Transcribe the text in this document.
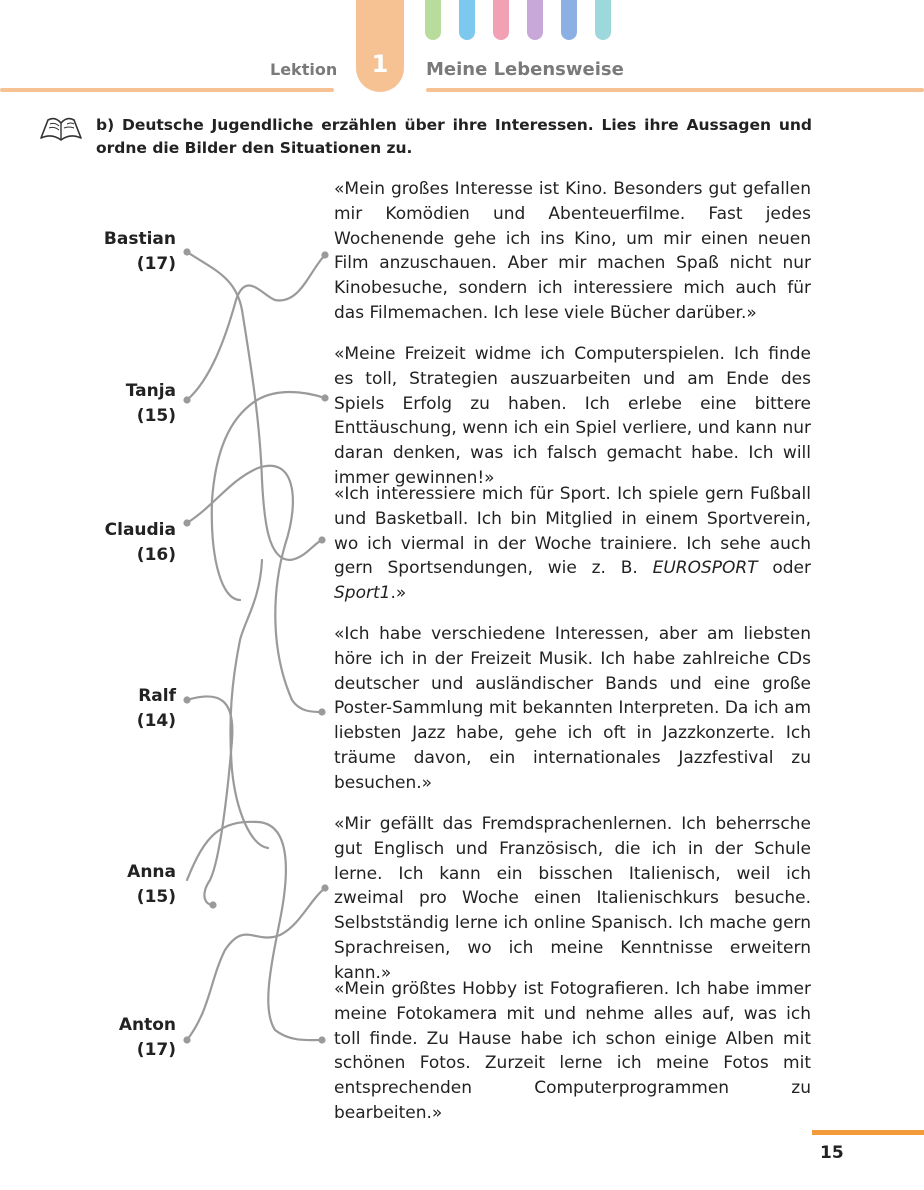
1
Lektion	Meine Lebensweise
b) Deutsche Jugendliche erzählen über ihre Interessen. Lies ihre Aussagen und ordne die Bilder den Situationen zu.
Bastian
(17)
Tanja
(15)
Claudia
(16)
Ralf
(14)
Anna
(15)
Anton
(17)
«Mein großes Interesse ist Kino. Besonders gut gefallen mir Komödien und Abenteuerfilme. Fast jedes Wochenende gehe ich ins Kino, um mir einen neuen Film anzuschauen. Aber mir machen Spaß nicht nur Kinobesuche, sondern ich interessiere mich auch für das Filmemachen. Ich lese viele Bücher darüber.»
«Meine Freizeit widme ich Computerspielen. Ich finde es toll, Strategien auszuarbeiten und am Ende des Spiels Erfolg zu haben. Ich erlebe eine bittere Enttäuschung, wenn ich ein Spiel verliere, und kann nur daran denken, was ich falsch gemacht habe. Ich will immer gewinnen!»
«Ich interessiere mich für Sport. Ich spiele gern Fußball und Basketball. Ich bin Mitglied in einem Sportverein, wo ich viermal in der Woche trainiere. Ich sehe auch gern Sportsendungen, wie z. B. EUROSPORT oder Sport1.»
«Ich habe verschiedene Interessen, aber am liebsten höre ich in der Freizeit Musik. Ich habe zahlreiche CDs deutscher und ausländischer Bands und eine große Poster-Sammlung mit bekannten Interpreten. Da ich am liebsten Jazz habe, gehe ich oft in Jazzkonzerte. Ich träume davon, ein internationales Jazzfestival zu besuchen.»
«Mir gefällt das Fremdsprachenlernen. Ich beherrsche gut Englisch und Französisch, die ich in der Schule lerne. Ich kann ein bisschen Italienisch, weil ich zweimal pro Woche einen Italienischkurs besuche. Selbstständig lerne ich online Spanisch. Ich mache gern Sprachreisen, wo ich meine Kenntnisse erweitern kann.»
«Mein größtes Hobby ist Fotografieren. Ich habe immer meine Fotokamera mit und nehme alles auf, was ich toll finde. Zu Hause habe ich schon einige Alben mit schönen Fotos. Zurzeit lerne ich meine Fotos mit entsprechenden Computerprogrammen zu bearbeiten.»
15
